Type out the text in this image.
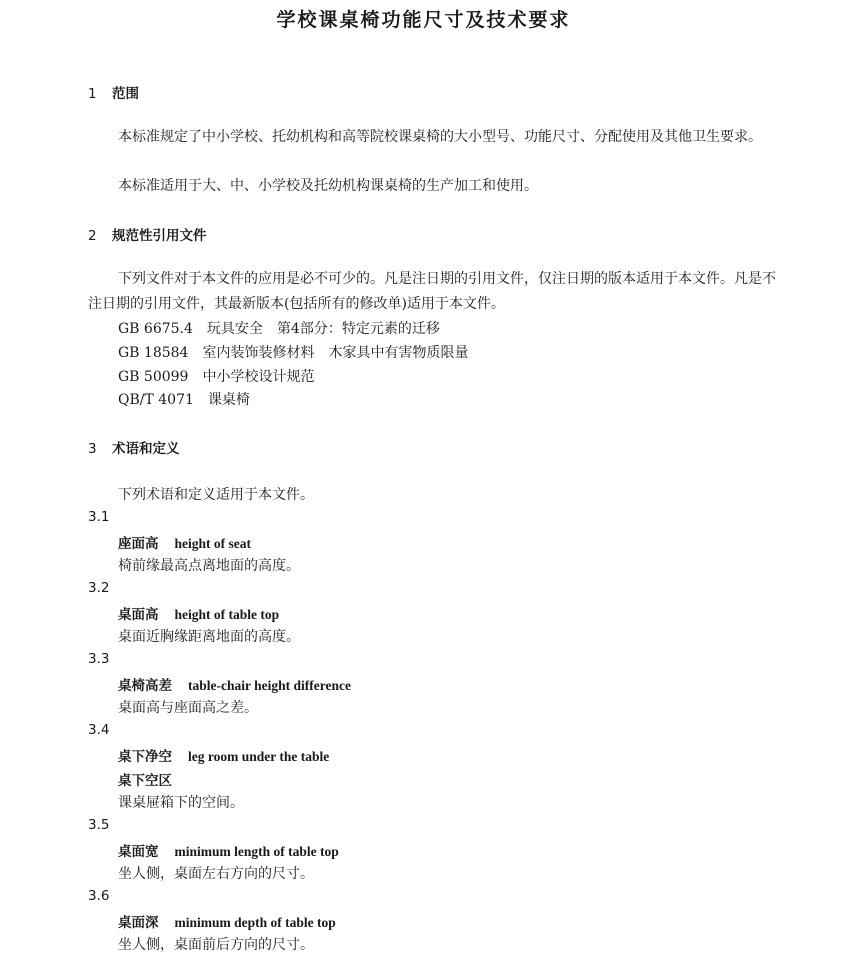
学校课桌椅功能尺寸及技术要求
1 范围
本标准规定了中小学校、托幼机构和高等院校课桌椅的大小型号、功能尺寸、分配使用及其他卫生要求。
本标准适用于大、中、小学校及托幼机构课桌椅的生产加工和使用。
2 规范性引用文件
下列文件对于本文件的应用是必不可少的。凡是注日期的引用文件，仅注日期的版本适用于本文件。凡是不注日期的引用文件，其最新版本(包括所有的修改单)适用于本文件。
GB 6675.4 玩具安全　第4部分：特定元素的迁移
GB 18584 室内装饰装修材料　木家具中有害物质限量
GB 50099 中小学校设计规范
QB/T 4071 课桌椅
3 术语和定义
下列术语和定义适用于本文件。
3.1
座面高 height of seat
椅前缘最高点离地面的高度。
3.2
桌面高 height of table top
桌面近胸缘距离地面的高度。
3.3
桌椅高差 table-chair height difference
桌面高与座面高之差。
3.4
桌下净空 leg room under the table
桌下空区
课桌屉箱下的空间。
3.5
桌面宽 minimum length of table top
坐人侧，桌面左右方向的尺寸。
3.6
桌面深 minimum depth of table top
坐人侧，桌面前后方向的尺寸。
